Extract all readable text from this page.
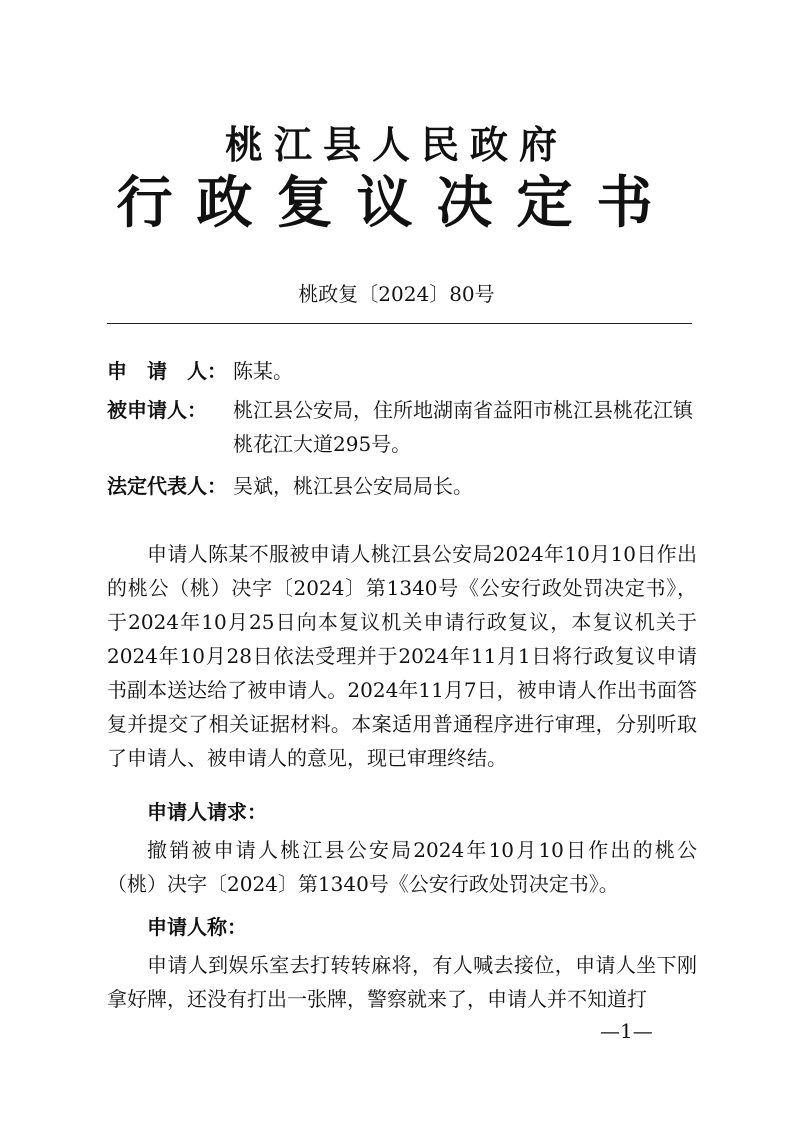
桃江县人民政府
行政复议决定书
桃政复〔2024〕80号
申　请　人： 陈某。
被申请人：	桃江县公安局，住所地湖南省益阳市桃江县桃花江镇桃花江大道295号。
法定代表人： 吴斌，桃江县公安局局长。
申请人陈某不服被申请人桃江县公安局2024年10月10日作出的桃公（桃）决字〔2024〕第1340号《公安行政处罚决定书》，于2024年10月25日向本复议机关申请行政复议，本复议机关于2024年10月28日依法受理并于2024年11月1日将行政复议申请书副本送达给了被申请人。2024年11月7日，被申请人作出书面答复并提交了相关证据材料。本案适用普通程序进行审理，分别听取了申请人、被申请人的意见，现已审理终结。
申请人请求：
撤销被申请人桃江县公安局2024年10月10日作出的桃公（桃）决字〔2024〕第1340号《公安行政处罚决定书》。
申请人称：
申请人到娱乐室去打转转麻将，有人喊去接位，申请人坐下刚拿好牌，还没有打出一张牌，警察就来了，申请人并不知道打
—1—
